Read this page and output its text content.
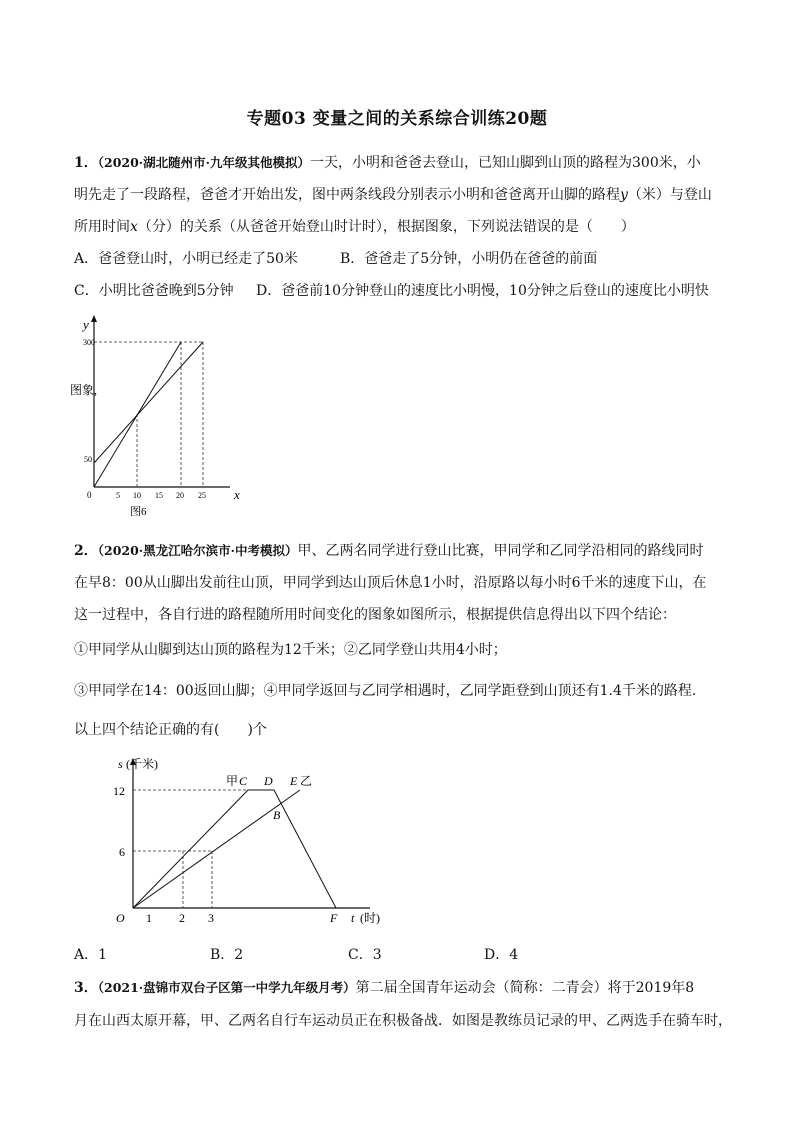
专题03 变量之间的关系综合训练20题
1．（2020·湖北随州市·九年级其他模拟）一天，小明和爸爸去登山，已知山脚到山顶的路程为300米，小
明先走了一段路程，爸爸才开始出发，图中两条线段分别表示小明和爸爸离开山脚的路程y（米）与登山
所用时间x（分）的关系（从爸爸开始登山时计时），根据图象，下列说法错误的是（　　）
A．爸爸登山时，小明已经走了50米	B．爸爸走了5分钟，小明仍在爸爸的前面
C．小明比爸爸晚到5分钟 D．爸爸前10分钟登山的速度比小明慢，10分钟之后登山的速度比小明快
y
x
300
50
0	5 10 15 20 25
图象,
图6
2．（2020·黑龙江哈尔滨市·中考模拟）甲、乙两名同学进行登山比赛，甲同学和乙同学沿相同的路线同时
在早8：00从山脚出发前往山顶，甲同学到达山顶后休息1小时，沿原路以每小时6千米的速度下山，在
这一过程中，各自行进的路程随所用时间变化的图象如图所示，根据提供信息得出以下四个结论：
①甲同学从山脚到达山顶的路程为12千米；②乙同学登山共用4小时；
③甲同学在14：00返回山脚；④甲同学返回与乙同学相遇时，乙同学距登到山顶还有1.4千米的路程．
以上四个结论正确的有(　　)个
s (千米)
t (时)
12
6
O 1 2 3
甲 C D E 乙
B
F
A．1	B．2	C．3	D．4
3．（2021·盘锦市双台子区第一中学九年级月考）第二届全国青年运动会（简称：二青会）将于2019年8
月在山西太原开幕，甲、乙两名自行车运动员正在积极备战．如图是教练员记录的甲、乙两选手在骑车时，
